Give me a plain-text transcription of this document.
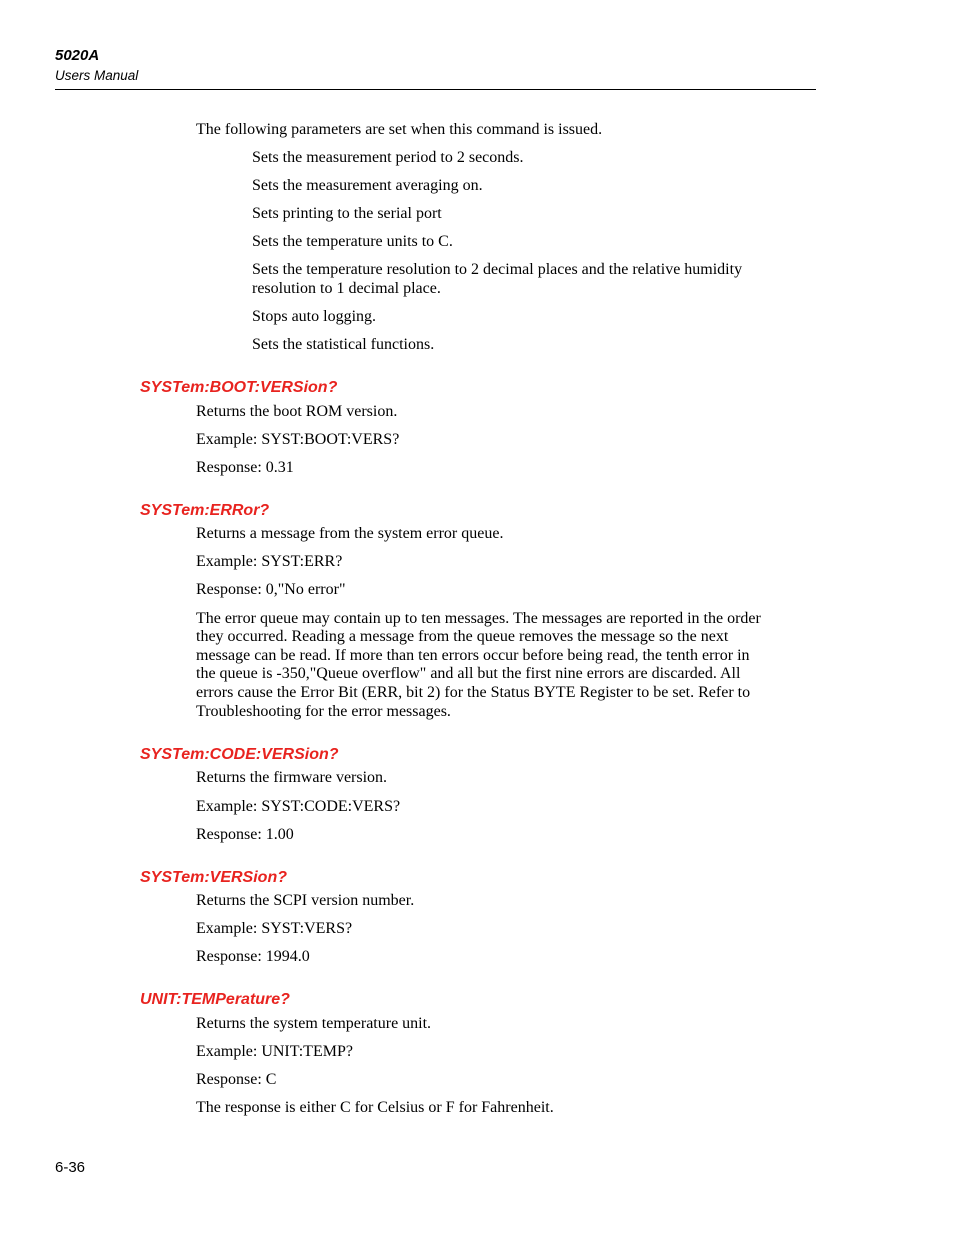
5020A
Users Manual

The following parameters are set when this command is issued.

Sets the measurement period to 2 seconds.

Sets the measurement averaging on.

Sets printing to the serial port

Sets the temperature units to C.

Sets the temperature resolution to 2 decimal places and the relative humidity

resolution to 1 decimal place.

Stops auto logging.

Sets the statistical functions.

SYSTem:BOOT:VERSion?

Returns the boot ROM version.

Example: SYST:BOOT:VERS?

Response: 0.31

SYSTem:ERRor?

Returns a message from the system error queue.

Example: SYST:ERR?

Response: 0,"No error"

The error queue may contain up to ten messages. The messages are reported in the order

they occurred. Reading a message from the queue removes the message so the next

message can be read. If more than ten errors occur before being read, the tenth error in

the queue is -350,"Queue overflow" and all but the first nine errors are discarded. All

errors cause the Error Bit (ERR, bit 2) for the Status BYTE Register to be set. Refer to

Troubleshooting for the error messages.

SYSTem:CODE:VERSion?

Returns the firmware version.

Example: SYST:CODE:VERS?

Response: 1.00

SYSTem:VERSion?

Returns the SCPI version number.

Example: SYST:VERS?

Response: 1994.0

UNIT:TEMPerature?

Returns the system temperature unit.

Example: UNIT:TEMP?

Response: C

The response is either C for Celsius or F for Fahrenheit.

6-36
